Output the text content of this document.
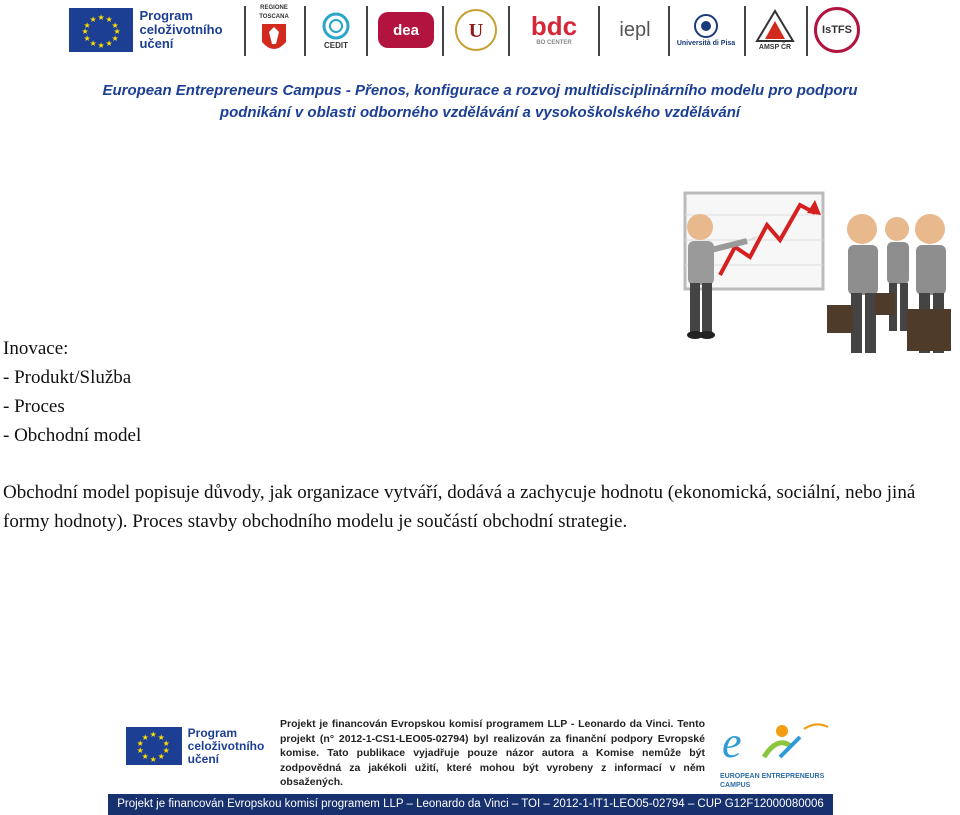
★ ★
★
★
★
★
★
★
★
★
★
★	Program
celoživotního
učení
REGIONE TOSCANA
CEDIT
dea	U bdc
BO CENTER
iepl
Università di Pisa
AMSP ČR
IsTFS
European Entrepreneurs Campus - Přenos, konfigurace a rozvoj multidisciplinárního modelu pro podporu
podnikání v oblasti odborného vzdělávání a vysokoškolského vzdělávání

Inovace:

- Produkt/Služba

- Proces

- Obchodní model

Obchodní model popisuje důvody, jak organizace vytváří, dodává a zachycuje hodnotu (ekonomická, sociální, nebo jiná formy hodnoty). Proces stavby obchodního modelu je součástí obchodní strategie.

★ ★
★
★
★
★
★
★
★
★	Program
celoživotního
učení
Projekt je financován Evropskou komisí programem LLP - Leonardo da Vinci. Tento projekt (n° 2012-1-CS1-LEO05-02794) byl realizován za finanční podpory Evropské komise. Tato publikace vyjadřuje pouze názor autora a Komise nemůže být zodpovědná za jakékoli užití, které mohou být vyrobeny z informací v něm obsažených.
e
EUROPEAN ENTREPRENEURS CAMPUS
Projekt je financován Evropskou komisí programem LLP – Leonardo da Vinci – TOI – 2012-1-IT1-LEO05-02794 – CUP G12F12000080006
